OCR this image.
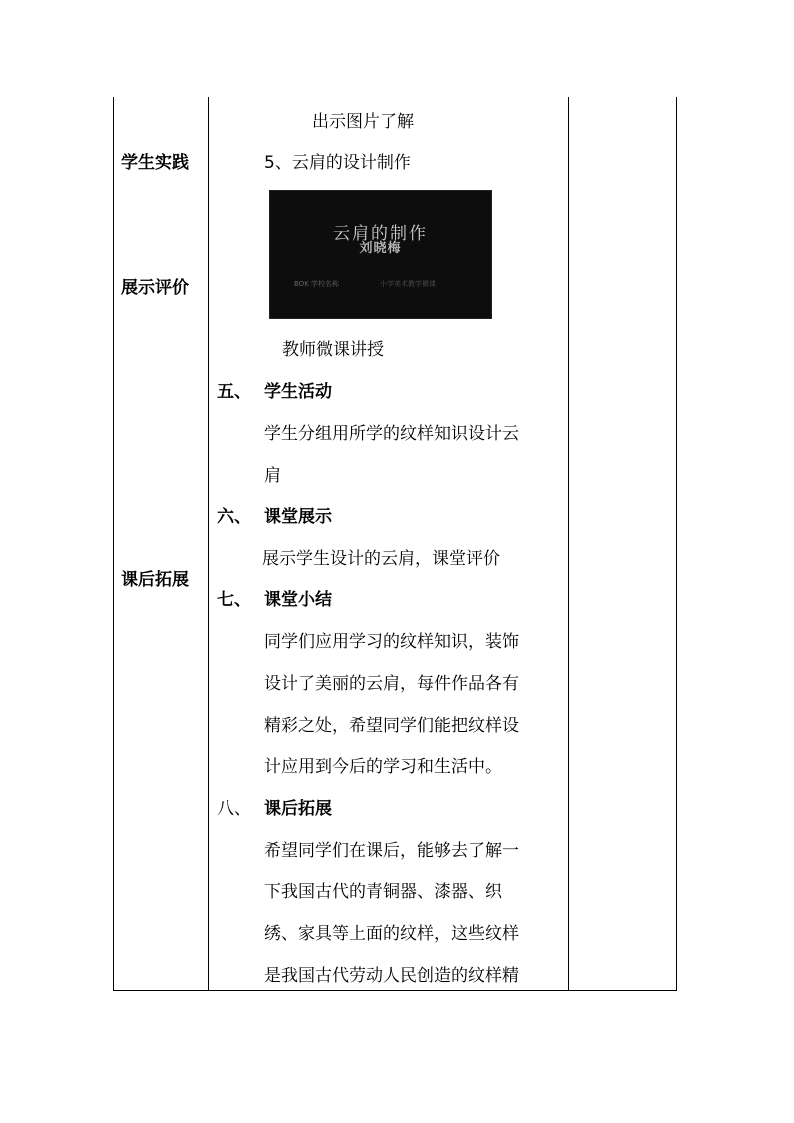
学生实践
展示评价
课后拓展
出示图片了解
5、云肩的设计制作
云肩的制作
刘晓梅
BOK 学校名称	小学美术教学微课
教师微课讲授
五、 学生活动
学生分组用所学的纹样知识设计云
肩
六、 课堂展示
展示学生设计的云肩，课堂评价
七、 课堂小结
同学们应用学习的纹样知识，装饰
设计了美丽的云肩，每件作品各有
精彩之处，希望同学们能把纹样设
计应用到今后的学习和生活中。
八、 课后拓展
希望同学们在课后，能够去了解一
下我国古代的青铜器、漆器、织
绣、家具等上面的纹样，这些纹样
是我国古代劳动人民创造的纹样精
